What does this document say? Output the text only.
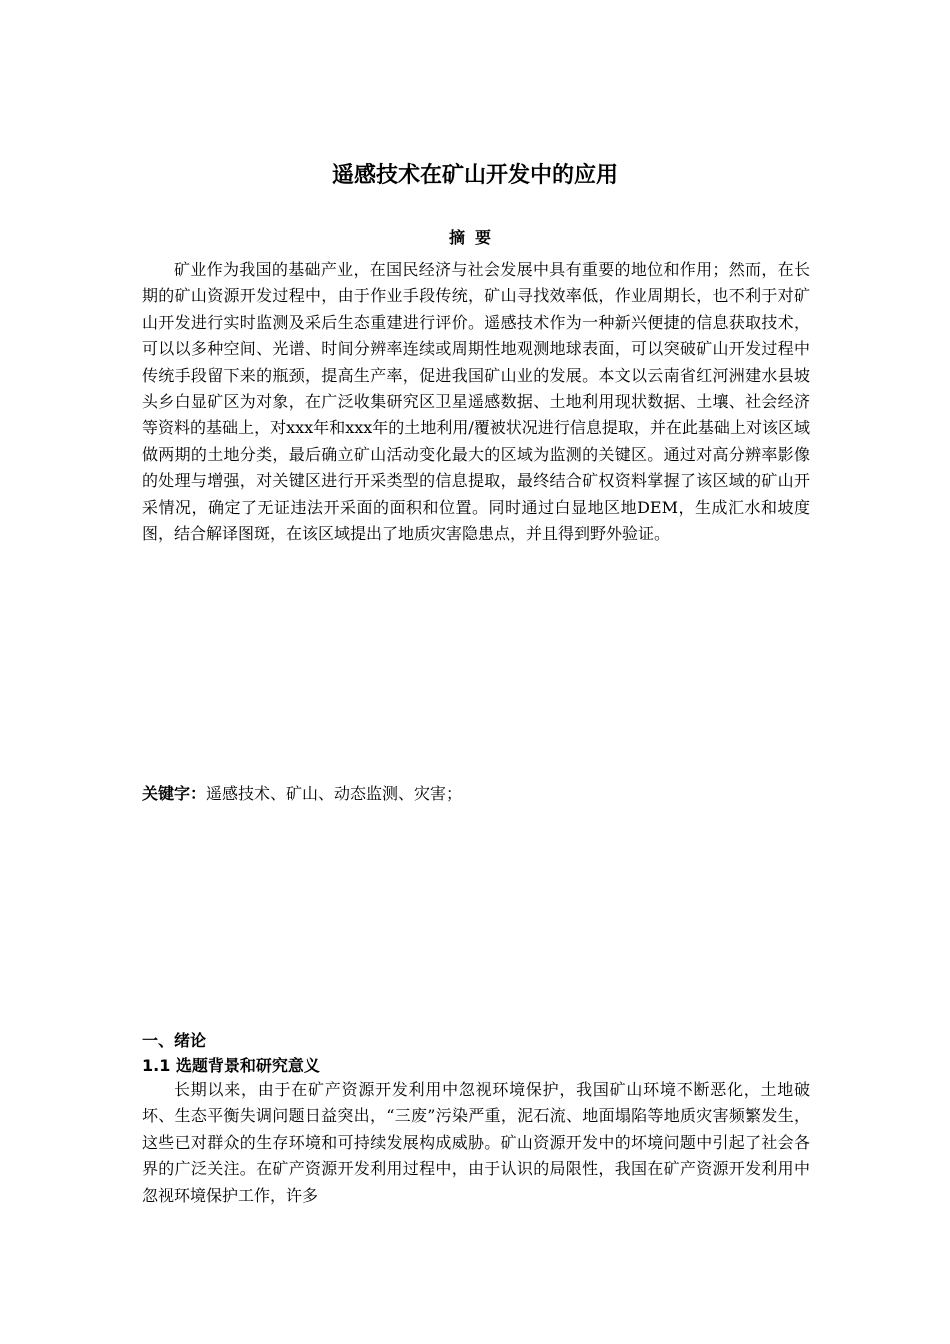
遥感技术在矿山开发中的应用
摘要

矿业作为我国的基础产业，在国民经济与社会发展中具有重要的地位和作用；然而，在长期的矿山资源开发过程中，由于作业手段传统，矿山寻找效率低，作业周期长，也不利于对矿山开发进行实时监测及采后生态重建进行评价。遥感技术作为一种新兴便捷的信息获取技术，可以以多种空间、光谱、时间分辨率连续或周期性地观测地球表面，可以突破矿山开发过程中传统手段留下来的瓶颈，提高生产率，促进我国矿山业的发展。本文以云南省红河洲建水县坡头乡白显矿区为对象，在广泛收集研究区卫星遥感数据、土地利用现状数据、土壤、社会经济等资料的基础上，对xxx年和xxx年的土地利用/覆被状况进行信息提取，并在此基础上对该区域做两期的土地分类，最后确立矿山活动变化最大的区域为监测的关键区。通过对高分辨率影像的处理与增强，对关键区进行开采类型的信息提取，最终结合矿权资料掌握了该区域的矿山开采情况，确定了无证违法开采面的面积和位置。同时通过白显地区地DEM，生成汇水和坡度图，结合解译图斑，在该区域提出了地质灾害隐患点，并且得到野外验证。

关键字：遥感技术、矿山、动态监测、灾害；
一、绪论
1.1 选题背景和研究意义

长期以来，由于在矿产资源开发利用中忽视环境保护，我国矿山环境不断恶化，土地破坏、生态平衡失调问题日益突出，“三废”污染严重，泥石流、地面塌陷等地质灾害频繁发生，这些已对群众的生存环境和可持续发展构成威胁。矿山资源开发中的坏境问题中引起了社会各界的广泛关注。在矿产资源开发利用过程中，由于认识的局限性，我国在矿产资源开发利用中忽视环境保护工作，许多
